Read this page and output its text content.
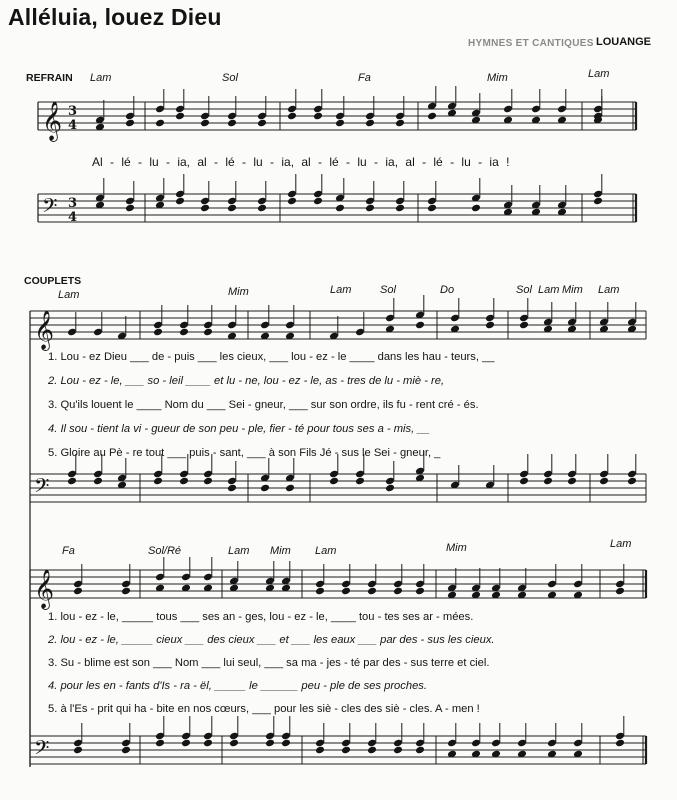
Alléluia, louez Dieu
HYMNES ET CANTIQUES LOUANGE
REFRAIN Lam	Sol	Fa	Mim	Lam
𝄞 3 4
Al - lé - lu - ia, al - lé - lu - ia, al - lé - lu - ia, al - lé - lu - ia !
𝄢 3 4
COUPLETS
Lam	Mim	Lam	Sol	Do	Sol Lam Mim Lam
𝄞
1. Lou - ez Dieu ___ de - puis ___ les cieux, ___ lou - ez - le ____ dans les hau - teurs, __
2. Lou - ez - le, ___ so - leil ____ et lu - ne, lou - ez - le, as - tres de lu - miè - re,
3. Qu'ils louent le ____ Nom du ___ Sei - gneur, ___ sur son ordre, ils fu - rent cré - és.
4. Il sou - tient la vi - gueur de son peu - ple, fier - té pour tous ses a - mis, __
5. Gloire au Pè - re tout ___ puis - sant, ___ à son Fils Jé - sus le Sei - gneur, _
𝄢
Fa	Sol/Ré	Lam Mim Lam	Mim	Lam
𝄞
1. lou - ez - le, _____ tous ___ ses an - ges, lou - ez - le, ____ tou - tes ses ar - mées.
2. lou - ez - le, _____ cieux ___ des cieux ___ et ___ les eaux ___ par des - sus les cieux.
3. Su - blime est son ___ Nom ___ lui seul, ___ sa ma - jes - té par des - sus terre et ciel.
4. pour les en - fants d'Is - ra - ël, _____ le ______ peu - ple de ses proches.
5. à l'Es - prit qui ha - bite en nos cœurs, ___ pour les siè - cles des siè - cles. A - men !
𝄢
